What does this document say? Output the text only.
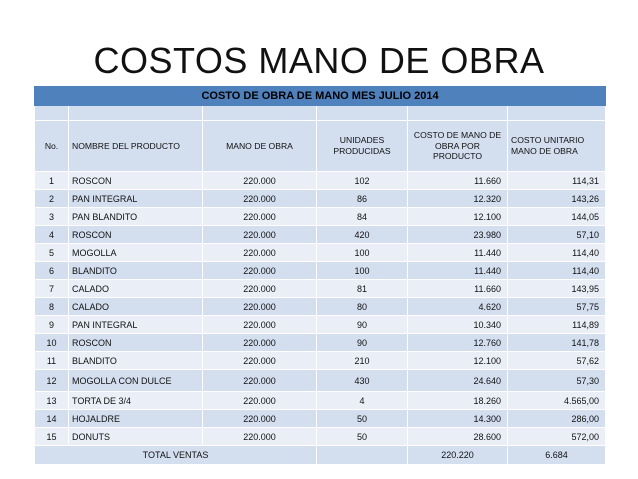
COSTOS MANO DE OBRA
COSTO DE OBRA DE MANO MES JULIO 2014					

No.	NOMBRE DEL PRODUCTO	MANO DE OBRA	UNIDADES PRODUCIDAS	COSTO DE MANO DE OBRA POR PRODUCTO	COSTO UNITARIO MANO DE OBRA
1	ROSCON	220.000	102	11.660	114,31
2	PAN INTEGRAL	220.000	86	12.320	143,26
3	PAN BLANDITO	220.000	84	12.100	144,05
4	ROSCON	220.000	420	23.980	57,10
5	MOGOLLA	220.000	100	11.440	114,40
6	BLANDITO	220.000	100	11.440	114,40
7	CALADO	220.000	81	11.660	143,95
8	CALADO	220.000	80	4.620	57,75
9	PAN INTEGRAL	220.000	90	10.340	114,89
10	ROSCON	220.000	90	12.760	141,78
11	BLANDITO	220.000	210	12.100	57,62
12	MOGOLLA CON DULCE	220.000	430	24.640	57,30
13	TORTA DE 3/4	220.000	4	18.260	4.565,00
14	HOJALDRE	220.000	50	14.300	286,00
15	DONUTS	220.000	50	28.600	572,00
TOTAL VENTAS				220.220	6.684
